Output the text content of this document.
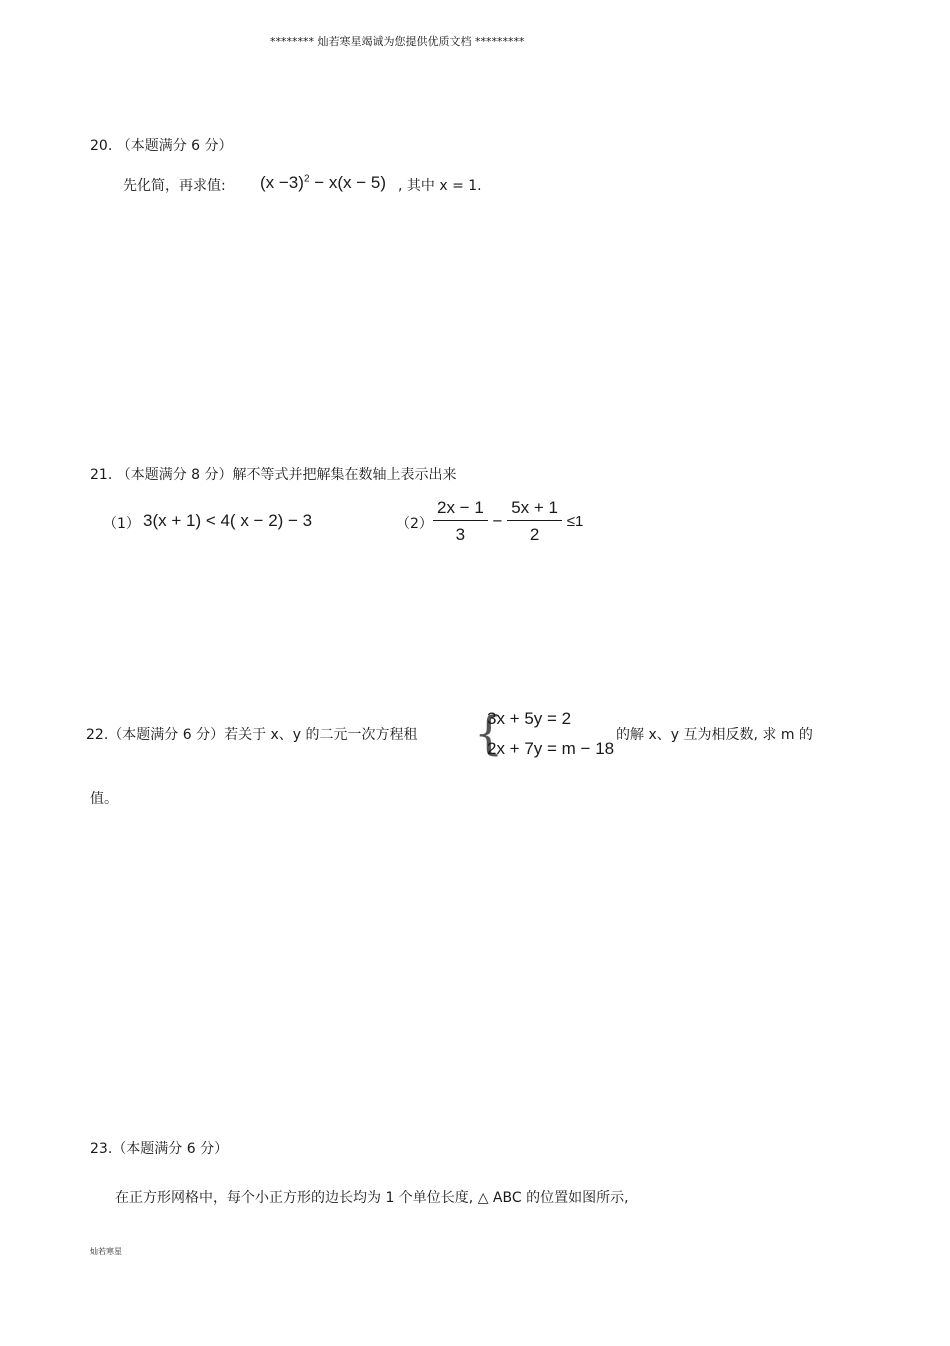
******** 灿若寒星竭诚为您提供优质文档 *********
20. （本题满分 6 分）
先化简，再求值: $(x -3)^2 - x(x - 5)$ , 其中 x = 1.
21. （本题满分 8 分）解不等式并把解集在数轴上表示出来
（1） 3(x + 1) < 4( x − 2) − 3	$(2) \frac{2x - 1}{3} - \frac{5x + 1}{2} \le 1$
22.（本题满分 6 分）若关于 x、y 的二元一次方程租 {
3x + 5y = 2
2x + 7y = m − 18
的解 x、y 互为相反数, 求 m 的
值。
23.（本题满分 6 分）
在正方形网格中，每个小正方形的边长均为 1 个单位长度, △ ABC 的位置如图所示,
灿若寒星
